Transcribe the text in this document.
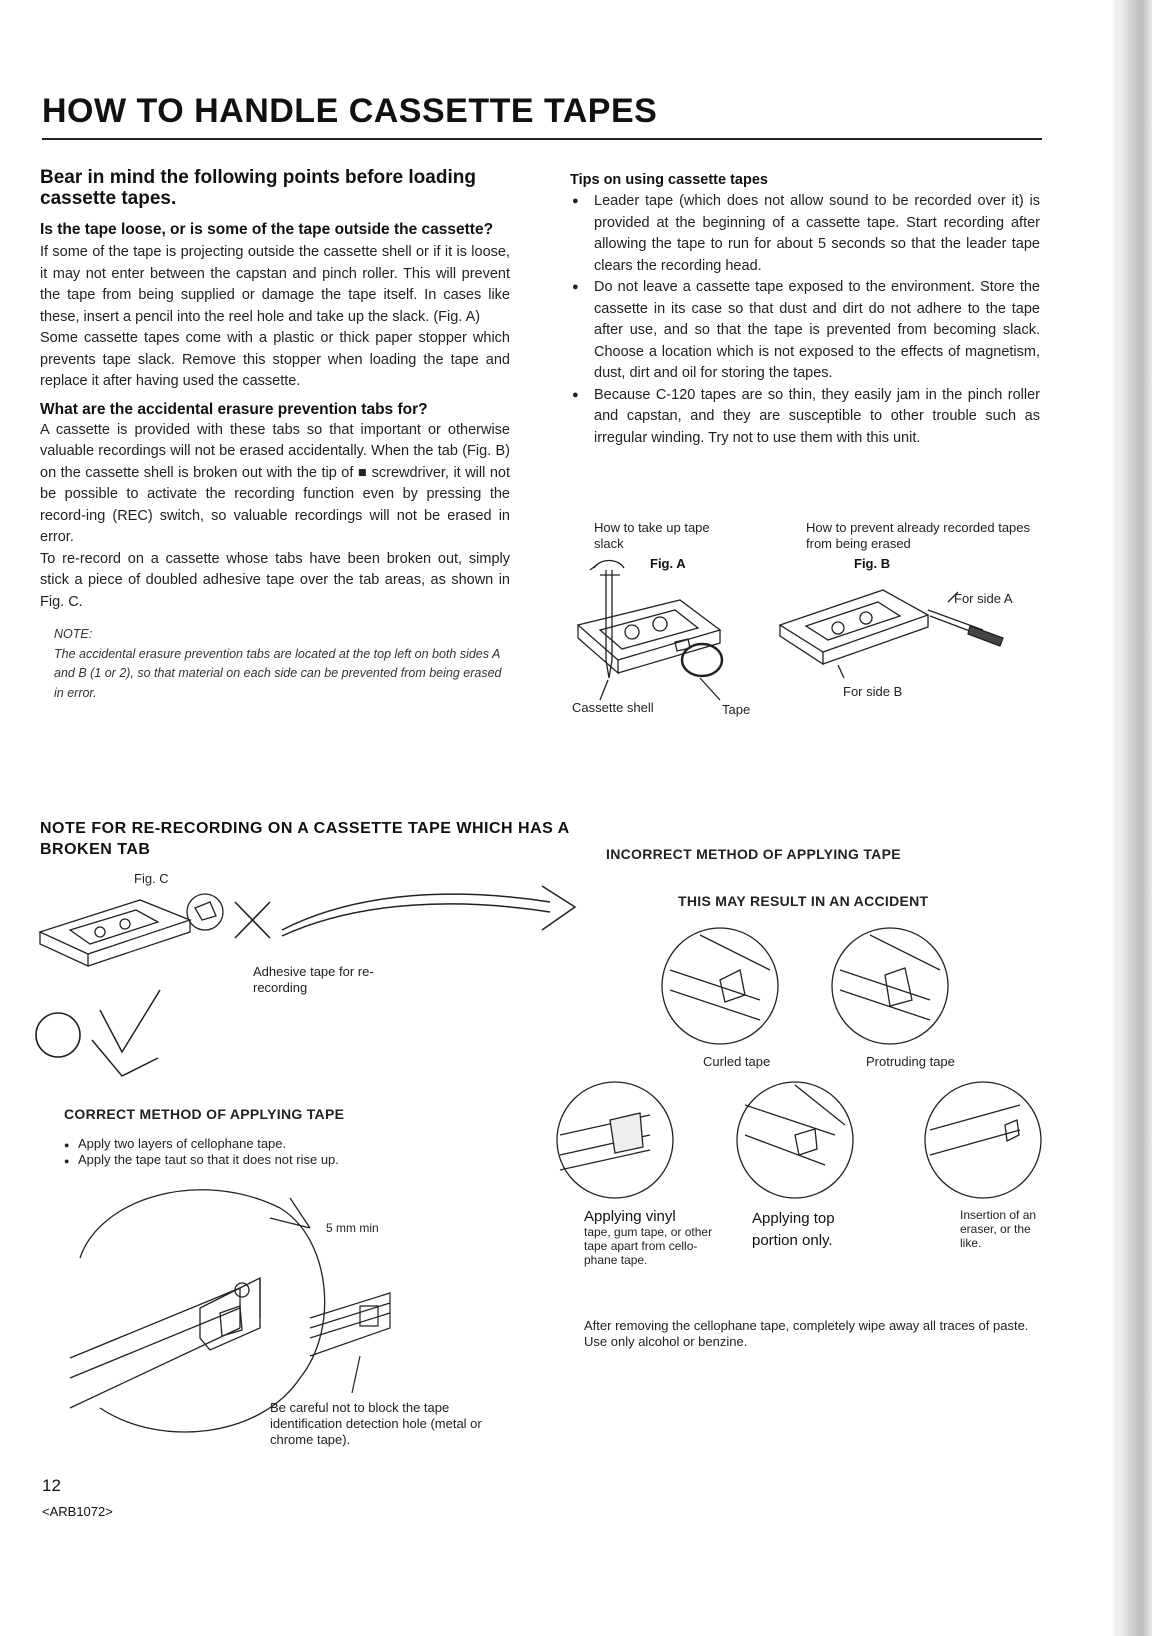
HOW TO HANDLE CASSETTE TAPES
Bear in mind the following points before loading cassette tapes.
Is the tape loose, or is some of the tape outside the cassette?
If some of the tape is projecting outside the cassette shell or if it is loose, it may not enter between the capstan and pinch roller. This will prevent the tape from being supplied or damage the tape itself. In cases like these, insert a pencil into the reel hole and take up the slack. (Fig. A)
Some cassette tapes come with a plastic or thick paper stopper which prevents tape slack. Remove this stopper when loading the tape and replace it after having used the cassette.
What are the accidental erasure prevention tabs for?
A cassette is provided with these tabs so that important or otherwise valuable recordings will not be erased accidentally. When the tab (Fig. B) on the cassette shell is broken out with the tip of ■ screwdriver, it will not be possible to activate the recording function even by pressing the record-ing (REC) switch, so valuable recordings will not be erased in error.
To re-record on a cassette whose tabs have been broken out, simply stick a piece of doubled adhesive tape over the tab areas, as shown in Fig. C.
NOTE:
The accidental erasure prevention tabs are located at the top left on both sides A and B (1 or 2), so that material on each side can be prevented from being erased in error.
Tips on using cassette tapes
● Leader tape (which does not allow sound to be recorded over it) is provided at the beginning of a cassette tape. Start recording after allowing the tape to run for about 5 seconds so that the leader tape clears the recording head.
● Do not leave a cassette tape exposed to the environment. Store the cassette in its case so that dust and dirt do not adhere to the tape after use, and so that the tape is prevented from becoming slack. Choose a location which is not exposed to the effects of magnetism, dust, dirt and oil for storing the tapes.
● Because C-120 tapes are so thin, they easily jam in the pinch roller and capstan, and they are susceptible to other trouble such as irregular winding. Try not to use them with this unit.
How to take up tape slack
Fig. A
How to prevent already recorded tapes from being erased
Fig. B
For side A
For side B
Cassette shell	Tape
NOTE FOR RE-RECORDING ON A CASSETTE TAPE WHICH HAS A BROKEN TAB
Fig. C
Adhesive tape for re-recording
CORRECT METHOD OF APPLYING TAPE
● Apply two layers of cellophane tape.
● Apply the tape taut so that it does not rise up.
5 mm min
Be careful not to block the tape identification detection hole (metal or chrome tape).
INCORRECT METHOD OF APPLYING TAPE
THIS MAY RESULT IN AN ACCIDENT
Curled tape	Protruding tape
Applying vinyl
tape, gum tape, or other tape apart from cello-phane tape.
Applying top portion only.
Insertion of an eraser, or the like.
After removing the cellophane tape, completely wipe away all traces of paste. Use only alcohol or benzine.
12
<ARB1072>
